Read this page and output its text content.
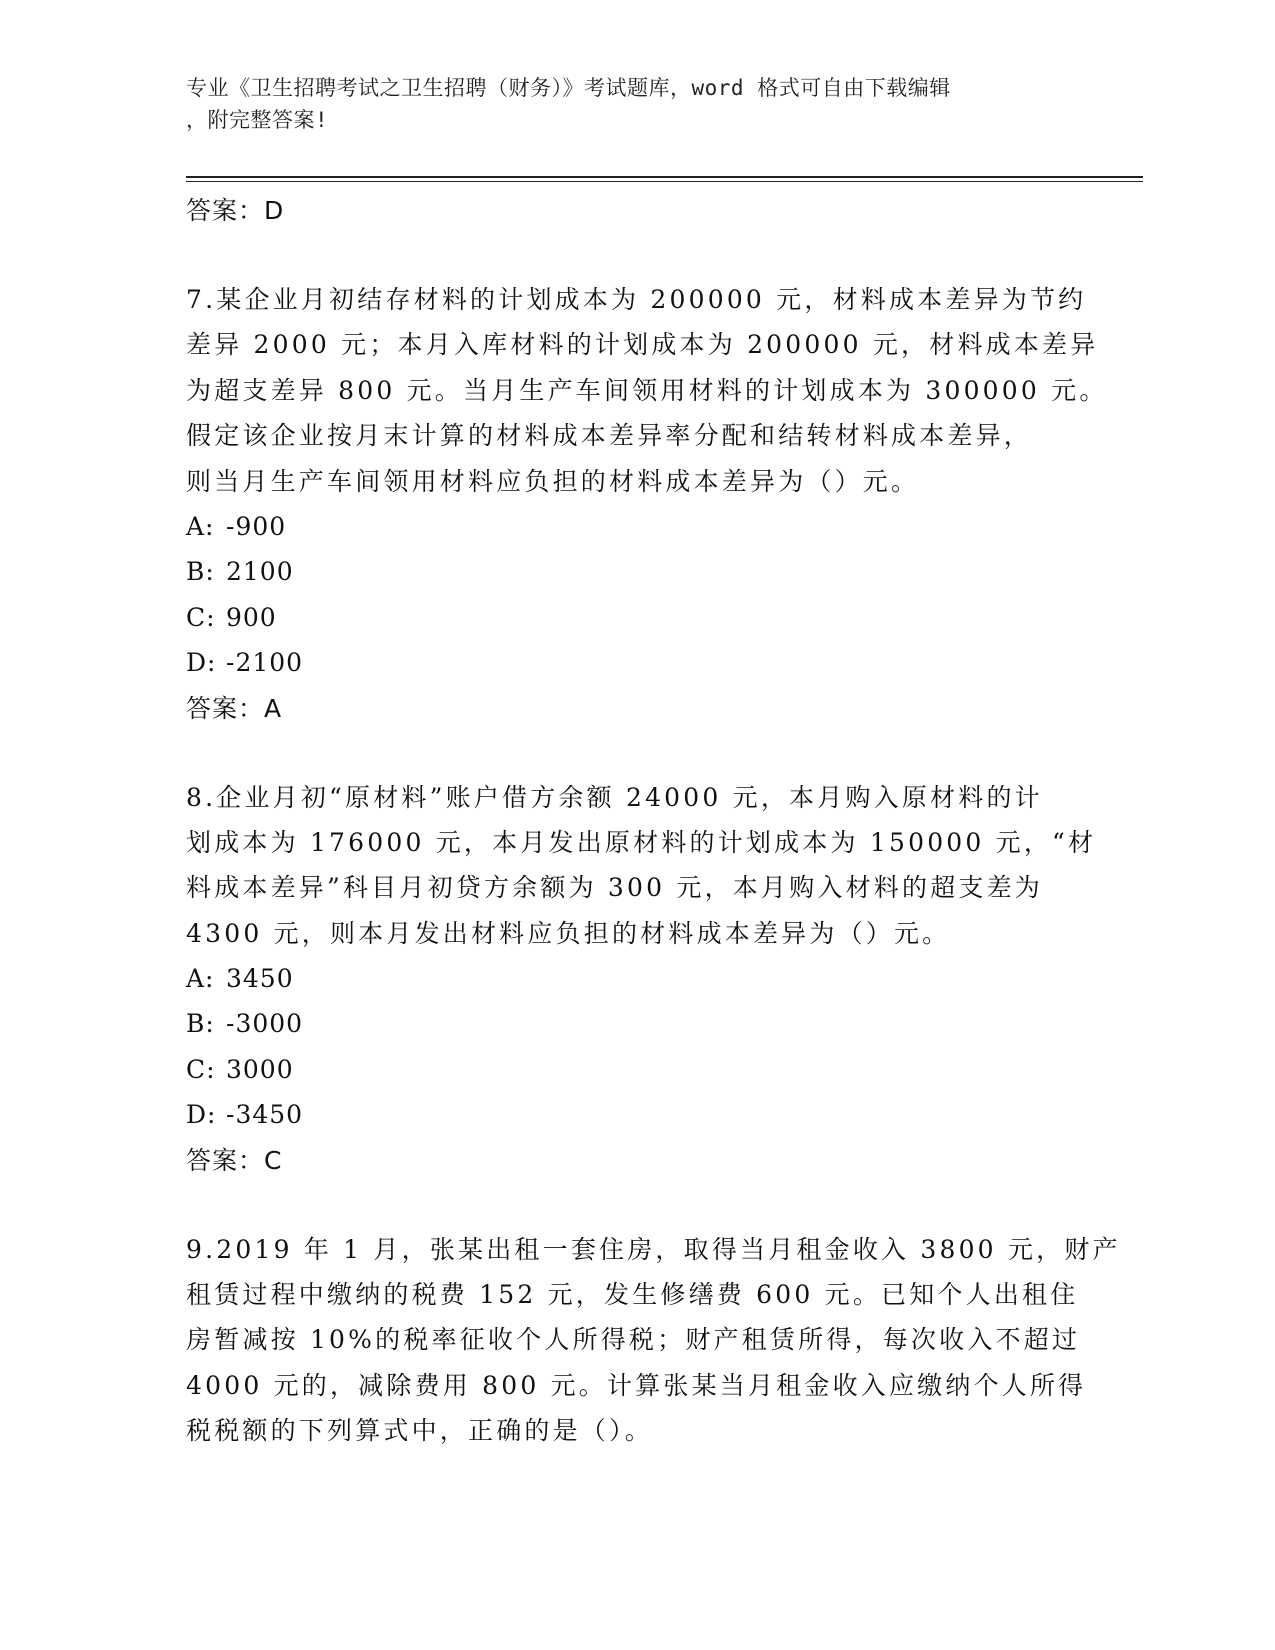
专业《卫生招聘考试之卫生招聘（财务）》考试题库，word 格式可自由下载编辑
，附完整答案!
答案：D
7.某企业月初结存材料的计划成本为 200000 元，材料成本差异为节约
差异 2000 元；本月入库材料的计划成本为 200000 元，材料成本差异
为超支差异 800 元。当月生产车间领用材料的计划成本为 300000 元。
假定该企业按月末计算的材料成本差异率分配和结转材料成本差异，
则当月生产车间领用材料应负担的材料成本差异为（）元。
A: -900
B: 2100
C: 900
D: -2100
答案：A
8.企业月初“原材料”账户借方余额 24000 元，本月购入原材料的计
划成本为 176000 元，本月发出原材料的计划成本为 150000 元，“材
料成本差异”科目月初贷方余额为 300 元，本月购入材料的超支差为
4300 元，则本月发出材料应负担的材料成本差异为（）元。
A: 3450
B: -3000
C: 3000
D: -3450
答案：C
9.2019 年 1 月，张某出租一套住房，取得当月租金收入 3800 元，财产
租赁过程中缴纳的税费 152 元，发生修缮费 600 元。已知个人出租住
房暂减按 10%的税率征收个人所得税；财产租赁所得，每次收入不超过
4000 元的，减除费用 800 元。计算张某当月租金收入应缴纳个人所得
税税额的下列算式中，正确的是（）。
